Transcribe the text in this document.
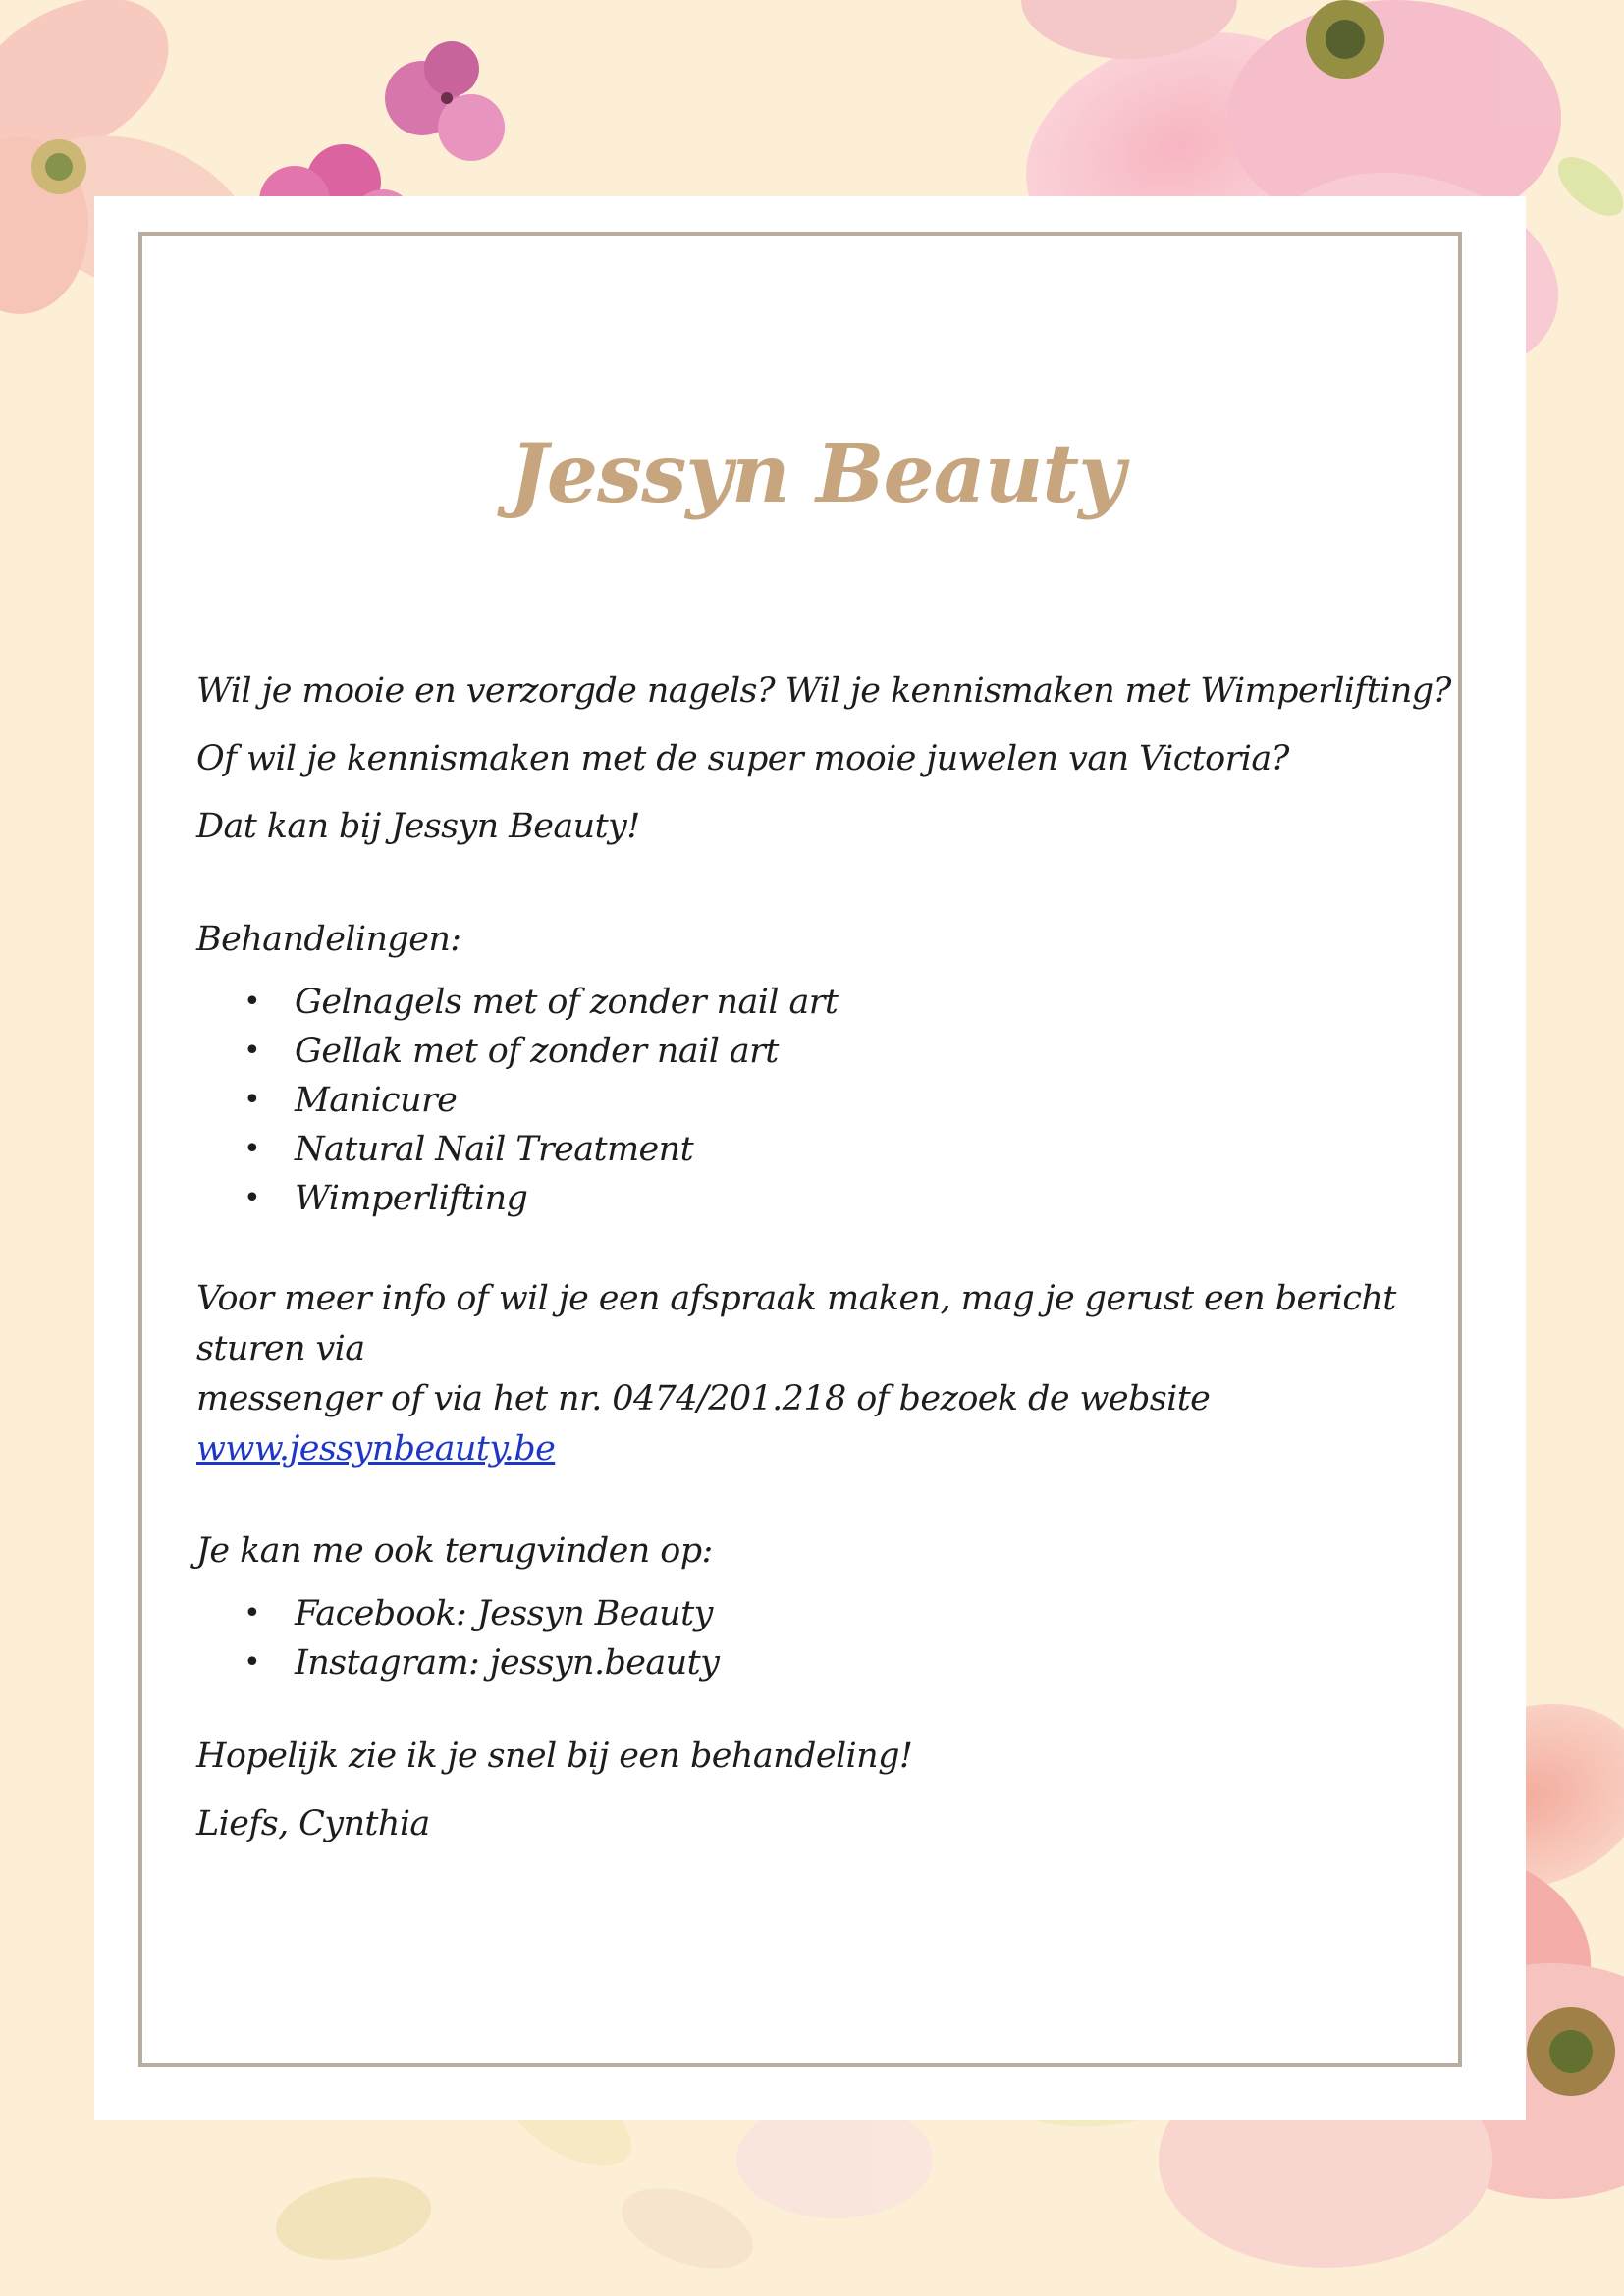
Jessyn Beauty

Wil je mooie en verzorgde nagels? Wil je kennismaken met Wimperlifting?

Of wil je kennismaken met de super mooie juwelen van Victoria?

Dat kan bij Jessyn Beauty!

Behandelingen:

• Gelnagels met of zonder nail art
• Gellak met of zonder nail art
• Manicure
• Natural Nail Treatment
• Wimperlifting

Voor meer info of wil je een afspraak maken, mag je gerust een bericht sturen via

messenger of via het nr. 0474/201.218 of bezoek de website

www.jessynbeauty.be

Je kan me ook terugvinden op:

• Facebook: Jessyn Beauty
• Instagram: jessyn.beauty

Hopelijk zie ik je snel bij een behandeling!

Liefs, Cynthia
